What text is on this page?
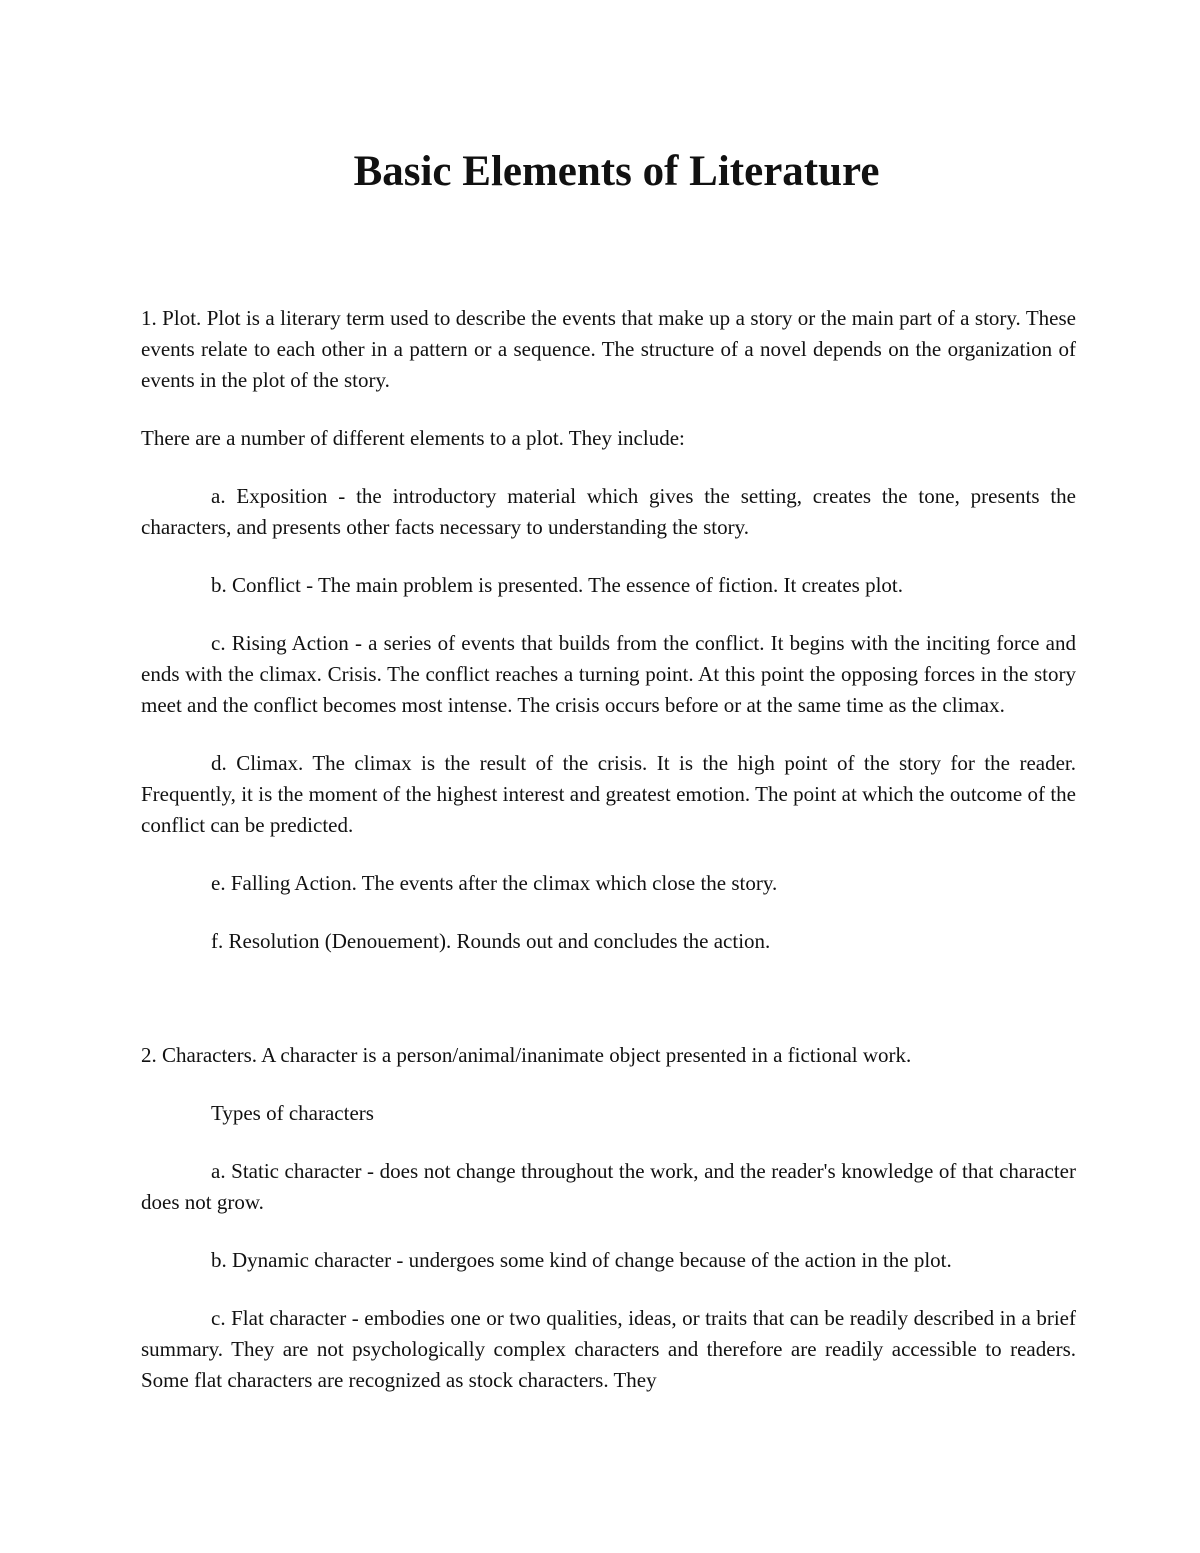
Basic Elements of Literature

1. Plot. Plot is a literary term used to describe the events that make up a story or the main part of a story. These events relate to each other in a pattern or a sequence. The structure of a novel depends on the organization of events in the plot of the story.

There are a number of different elements to a plot. They include:

a. Exposition - the introductory material which gives the setting, creates the tone, presents the characters, and presents other facts necessary to understanding the story.

b. Conflict - The main problem is presented. The essence of fiction. It creates plot.

c. Rising Action - a series of events that builds from the conflict. It begins with the inciting force and ends with the climax. Crisis. The conflict reaches a turning point. At this point the opposing forces in the story meet and the conflict becomes most intense. The crisis occurs before or at the same time as the climax.

d. Climax. The climax is the result of the crisis. It is the high point of the story for the reader. Frequently, it is the moment of the highest interest and greatest emotion. The point at which the outcome of the conflict can be predicted.

e. Falling Action. The events after the climax which close the story.

f. Resolution (Denouement). Rounds out and concludes the action.

2. Characters. A character is a person/animal/inanimate object presented in a fictional work.

Types of characters

a. Static character - does not change throughout the work, and the reader's knowledge of that character does not grow.

b. Dynamic character - undergoes some kind of change because of the action in the plot.

c. Flat character - embodies one or two qualities, ideas, or traits that can be readily described in a brief summary. They are not psychologically complex characters and therefore are readily accessible to readers. Some flat characters are recognized as stock characters. They
